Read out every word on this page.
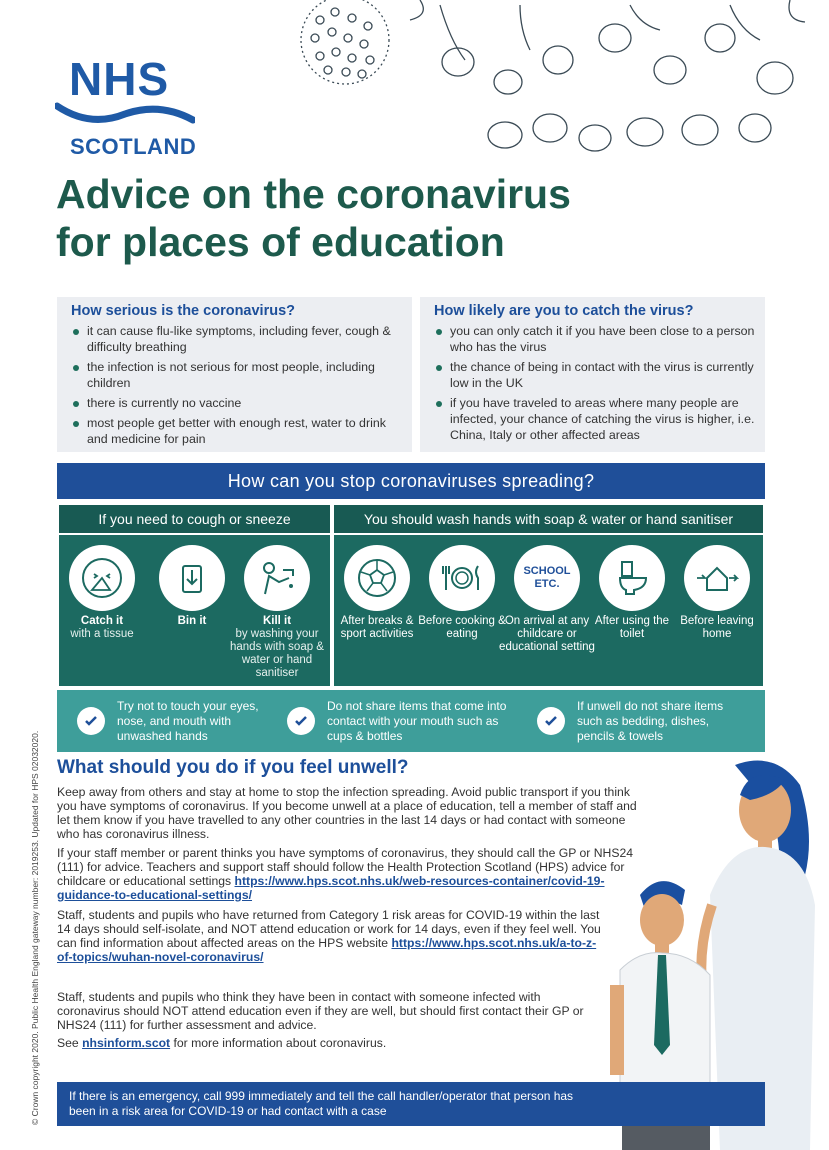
NHS
SCOTLAND
Advice on the coronavirus
for places of education
How serious is the coronavirus?
it can cause flu-like symptoms, including fever, cough & difficulty breathing
the infection is not serious for most people, including children
there is currently no vaccine
most people get better with enough rest, water to drink and medicine for pain
How likely are you to catch the virus?
you can only catch it if you have been close to a person who has the virus
the chance of being in contact with the virus is currently low in the UK
if you have traveled to areas where many people are infected, your chance of catching the virus is higher, i.e. China, Italy or other affected areas
How can you stop coronaviruses spreading?
If you need to cough or sneeze
Catch it
with a tissue
Bin it	Kill it
by washing your hands with soap & water or hand sanitiser
You should wash hands with soap & water or hand sanitiser
After breaks & sport activities
Before cooking & eating
SCHOOL ETC.
On arrival at any childcare or educational setting
After using the toilet
Before leaving home
Try not to touch your eyes, nose, and mouth with unwashed hands
Do not share items that come into contact with your mouth such as cups & bottles
If unwell do not share items such as bedding, dishes, pencils & towels
What should you do if you feel unwell?

Keep away from others and stay at home to stop the infection spreading. Avoid public transport if you think you have symptoms of coronavirus. If you become unwell at a place of education, tell a member of staff and let them know if you have travelled to any other countries in the last 14 days or had contact with someone who has coronavirus illness.

If your staff member or parent thinks you have symptoms of coronavirus, they should call the GP or NHS24 (111) for advice. Teachers and support staff should follow the Health Protection Scotland (HPS) advice for childcare or educational settings https://www.hps.scot.nhs.uk/web-resources-container/covid-19-guidance-to-educational-settings/

Staff, students and pupils who have returned from Category 1 risk areas for COVID-19 within the last 14 days should self-isolate, and NOT attend education or work for 14 days, even if they feel well. You can find information about affected areas on the HPS website https://www.hps.scot.nhs.uk/a-to-z-of-topics/wuhan-novel-coronavirus/

Staff, students and pupils who think they have been in contact with someone infected with coronavirus should NOT attend education even if they are well, but should first contact their GP or NHS24 (111) for further assessment and advice.

See nhsinform.scot for more information about coronavirus.

If there is an emergency, call 999 immediately and tell the call handler/operator that person has been in a risk area for COVID-19 or had contact with a case
© Crown copyright 2020. Public Health England gateway number: 2019253. Updated for HPS 02032020.
